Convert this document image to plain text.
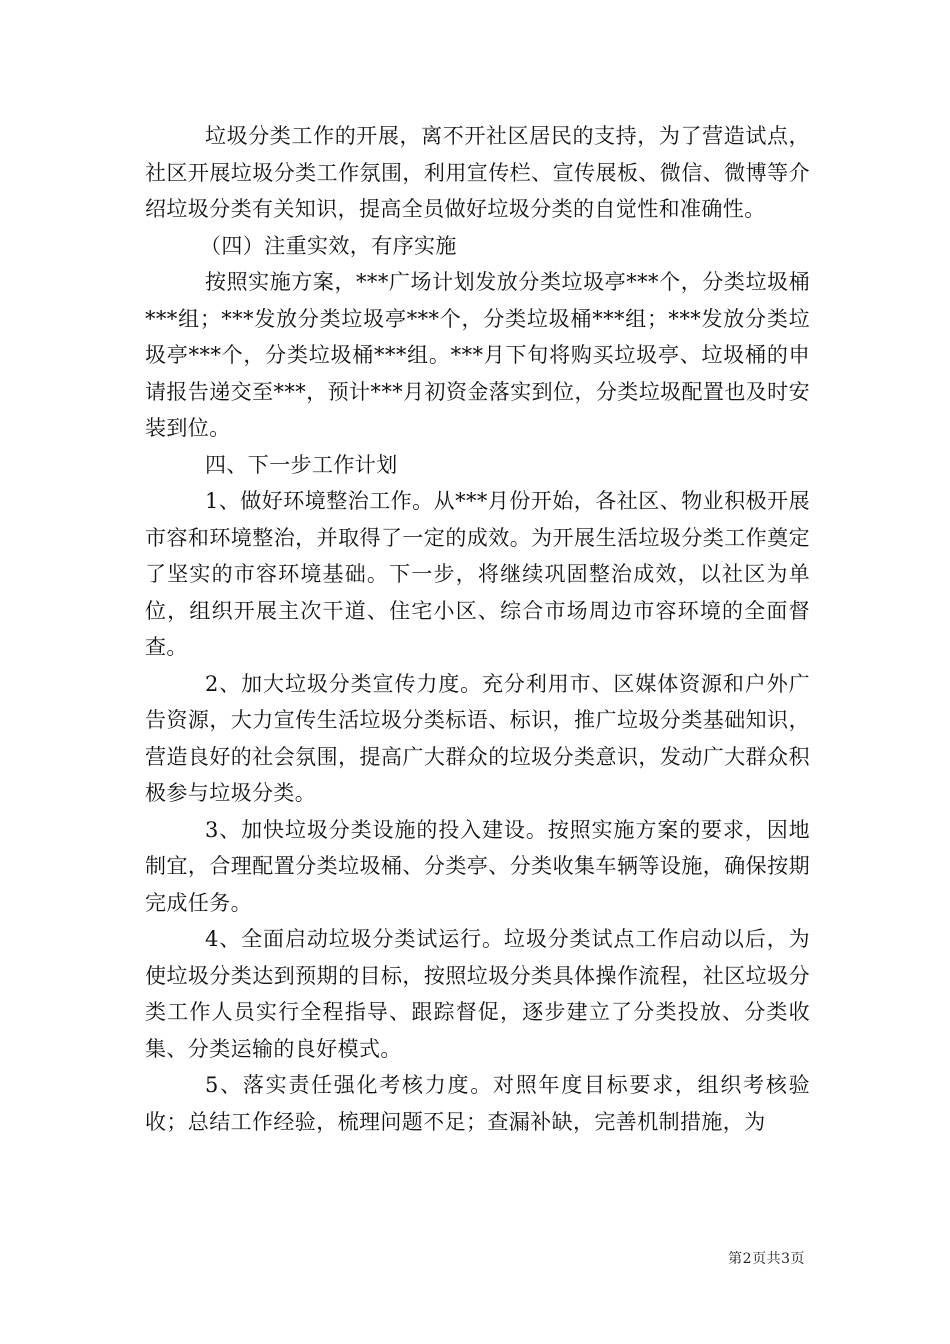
垃圾分类工作的开展，离不开社区居民的支持，为了营造试点，社区开展垃圾分类工作氛围，利用宣传栏、宣传展板、微信、微博等介绍垃圾分类有关知识，提高全员做好垃圾分类的自觉性和准确性。

（四）注重实效，有序实施

按照实施方案，***广场计划发放分类垃圾亭***个，分类垃圾桶***组；***发放分类垃圾亭***个，分类垃圾桶***组；***发放分类垃圾亭***个，分类垃圾桶***组。***月下旬将购买垃圾亭、垃圾桶的申请报告递交至***，预计***月初资金落实到位，分类垃圾配置也及时安装到位。

四、下一步工作计划

1、做好环境整治工作。从***月份开始，各社区、物业积极开展市容和环境整治，并取得了一定的成效。为开展生活垃圾分类工作奠定了坚实的市容环境基础。下一步，将继续巩固整治成效，以社区为单位，组织开展主次干道、住宅小区、综合市场周边市容环境的全面督查。

2、加大垃圾分类宣传力度。充分利用市、区媒体资源和户外广告资源，大力宣传生活垃圾分类标语、标识，推广垃圾分类基础知识，营造良好的社会氛围，提高广大群众的垃圾分类意识，发动广大群众积极参与垃圾分类。

3、加快垃圾分类设施的投入建设。按照实施方案的要求，因地制宜，合理配置分类垃圾桶、分类亭、分类收集车辆等设施，确保按期完成任务。

4、全面启动垃圾分类试运行。垃圾分类试点工作启动以后，为使垃圾分类达到预期的目标，按照垃圾分类具体操作流程，社区垃圾分类工作人员实行全程指导、跟踪督促，逐步建立了分类投放、分类收集、分类运输的良好模式。

5、落实责任强化考核力度。对照年度目标要求，组织考核验收；总结工作经验，梳理问题不足；查漏补缺，完善机制措施，为

第2页共3页
